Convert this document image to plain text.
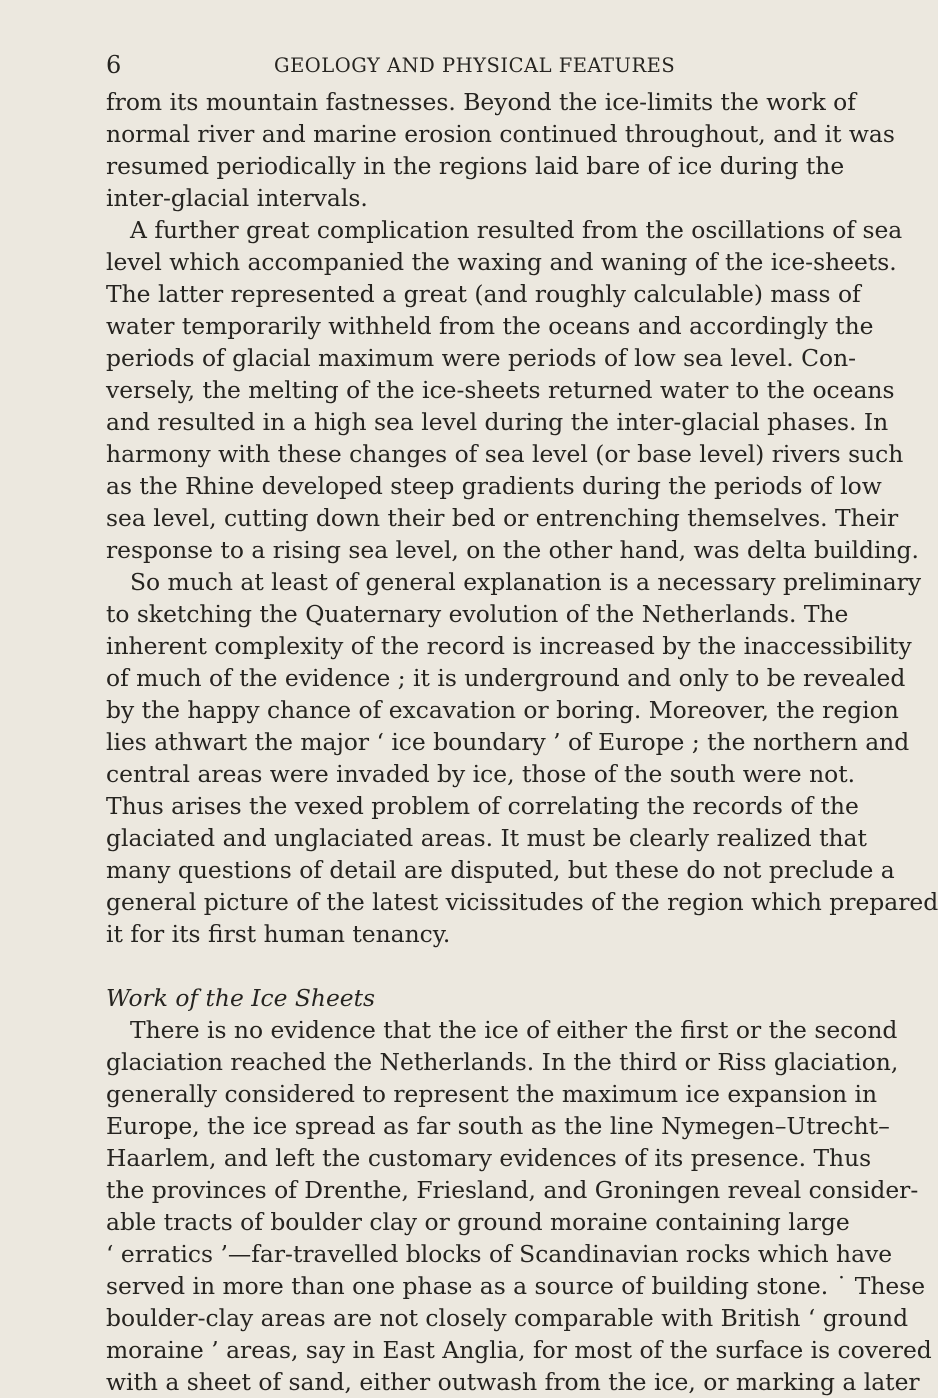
6	GEOLOGY AND PHYSICAL FEATURES
from its mountain fastnesses. Beyond the ice-limits the work of
normal river and marine erosion continued throughout, and it was
resumed periodically in the regions laid bare of ice during the
inter-glacial intervals.
A further great complication resulted from the oscillations of sea
level which accompanied the waxing and waning of the ice-sheets.
The latter represented a great (and roughly calculable) mass of
water temporarily withheld from the oceans and accordingly the
periods of glacial maximum were periods of low sea level. Con-
versely, the melting of the ice-sheets returned water to the oceans
and resulted in a high sea level during the inter-glacial phases. In
harmony with these changes of sea level (or base level) rivers such
as the Rhine developed steep gradients during the periods of low
sea level, cutting down their bed or entrenching themselves. Their
response to a rising sea level, on the other hand, was delta building.
So much at least of general explanation is a necessary preliminary
to sketching the Quaternary evolution of the Netherlands. The
inherent complexity of the record is increased by the inaccessibility
of much of the evidence ; it is underground and only to be revealed
by the happy chance of excavation or boring. Moreover, the region
lies athwart the major ‘ ice boundary ’ of Europe ; the northern and
central areas were invaded by ice, those of the south were not.
Thus arises the vexed problem of correlating the records of the
glaciated and unglaciated areas. It must be clearly realized that
many questions of detail are disputed, but these do not preclude a
general picture of the latest vicissitudes of the region which prepared
it for its first human tenancy.
Work of the Ice Sheets
There is no evidence that the ice of either the first or the second
glaciation reached the Netherlands. In the third or Riss glaciation,
generally considered to represent the maximum ice expansion in
Europe, the ice spread as far south as the line Nymegen–Utrecht–
Haarlem, and left the customary evidences of its presence. Thus
the provinces of Drenthe, Friesland, and Groningen reveal consider-
able tracts of boulder clay or ground moraine containing large
‘ erratics ’—far-travelled blocks of Scandinavian rocks which have
served in more than one phase as a source of building stone. ˙ These
boulder-clay areas are not closely comparable with British ‘ ground
moraine ’ areas, say in East Anglia, for most of the surface is covered
with a sheet of sand, either outwash from the ice, or marking a later
